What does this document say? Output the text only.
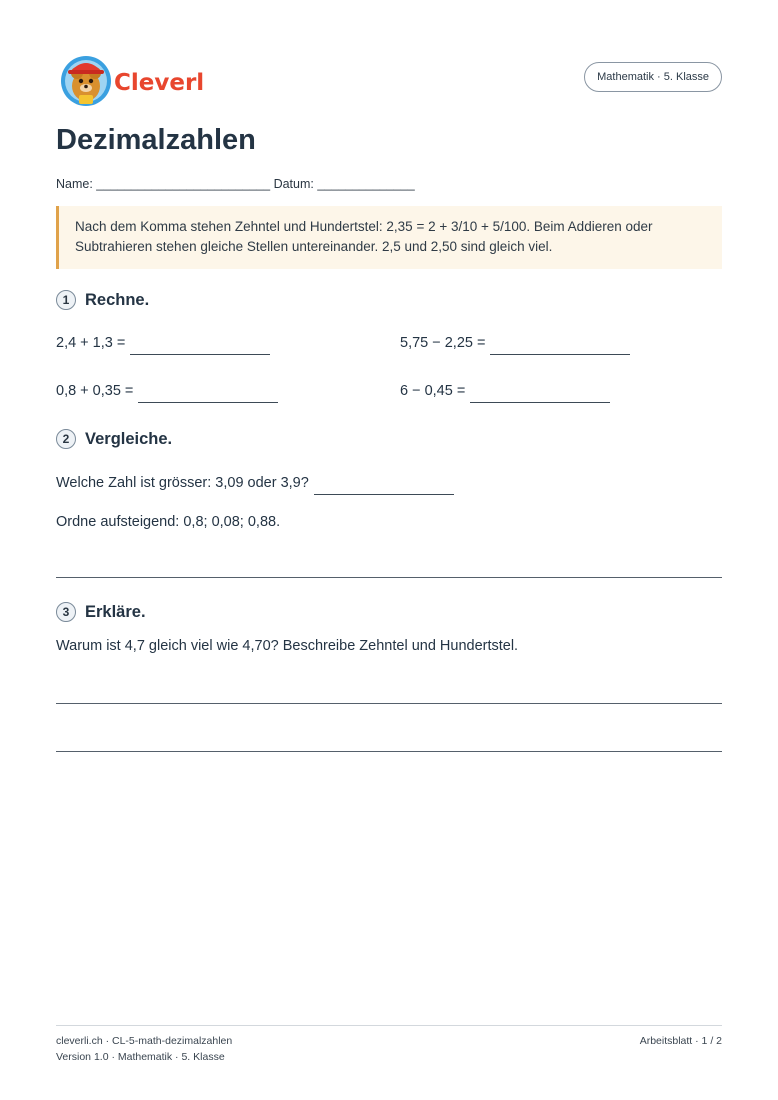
Cleverli	Mathematik · 5. Klasse
Dezimalzahlen
Name: _________________________ Datum: ______________
Nach dem Komma stehen Zehntel und Hundertstel: 2,35 = 2 + 3/10 + 5/100. Beim Addieren oder Subtrahieren stehen gleiche Stellen untereinander. 2,5 und 2,50 sind gleich viel.
1 Rechne.
2,4 + 1,3 =	5,75 − 2,25 =
0,8 + 0,35 =	6 − 0,45 =
2 Vergleiche.
Welche Zahl ist grösser: 3,09 oder 3,9?
Ordne aufsteigend: 0,8; 0,08; 0,88.
3 Erkläre.
Warum ist 4,7 gleich viel wie 4,70? Beschreibe Zehntel und Hundertstel.
cleverli.ch · CL-5-math-dezimalzahlen
Version 1.0 · Mathematik · 5. Klasse
Arbeitsblatt · 1 / 2
